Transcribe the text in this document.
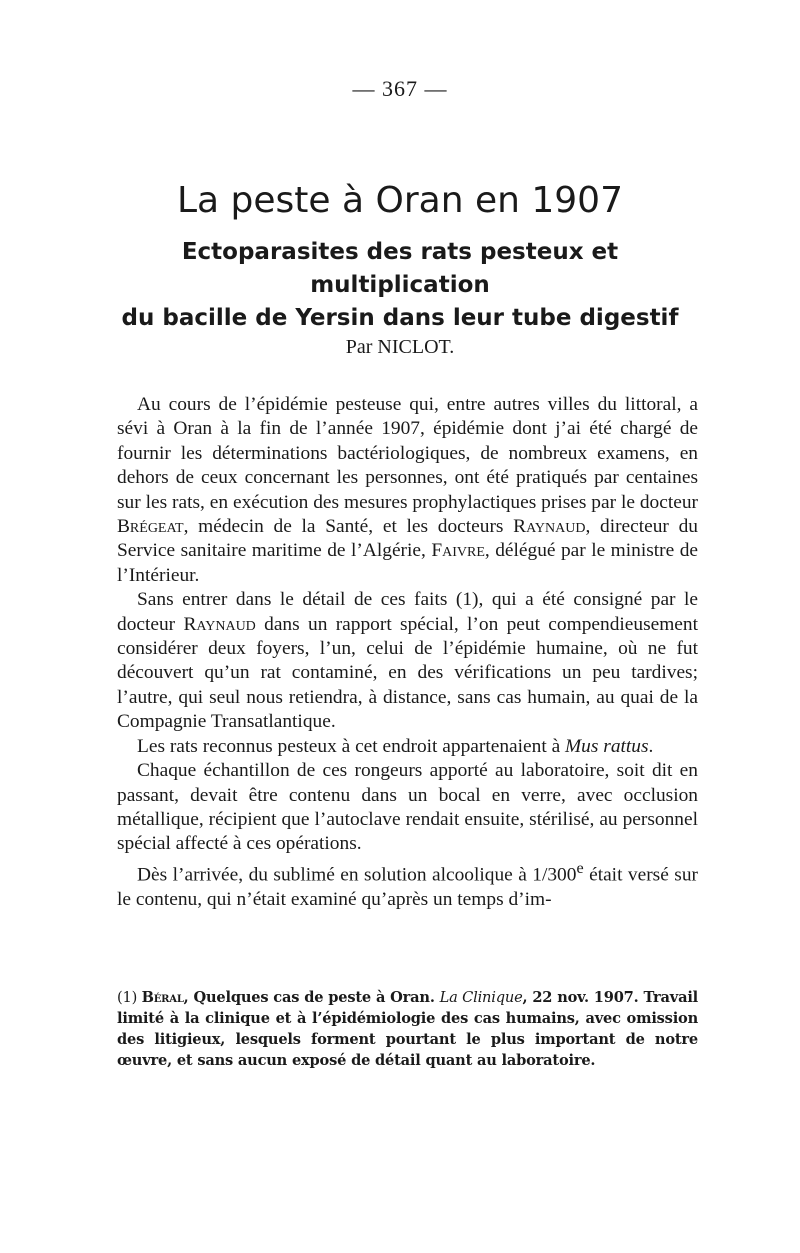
— 367 —
La peste à Oran en 1907
Ectoparasites des rats pesteux et multiplication
du bacille de Yersin dans leur tube digestif
Par NICLOT.

Au cours de l’épidémie pesteuse qui, entre autres villes du littoral, a sévi à Oran à la fin de l’année 1907, épidémie dont j’ai été chargé de fournir les déterminations bactériologiques, de nombreux examens, en dehors de ceux concernant les personnes, ont été pratiqués par centaines sur les rats, en exécution des mesures prophylactiques prises par le docteur Brégeat, médecin de la Santé, et les docteurs Raynaud, directeur du Service sanitaire maritime de l’Algérie, Faivre, délégué par le ministre de l’Intérieur.

Sans entrer dans le détail de ces faits (1), qui a été consigné par le docteur Raynaud dans un rapport spécial, l’on peut compendieusement considérer deux foyers, l’un, celui de l’épidémie humaine, où ne fut découvert qu’un rat contaminé, en des vérifications un peu tardives; l’autre, qui seul nous retiendra, à distance, sans cas humain, au quai de la Compagnie Transatlantique.

Les rats reconnus pesteux à cet endroit appartenaient à Mus rattus.

Chaque échantillon de ces rongeurs apporté au laboratoire, soit dit en passant, devait être contenu dans un bocal en verre, avec occlusion métallique, récipient que l’autoclave rendait ensuite, stérilisé, au personnel spécial affecté à ces opérations.

Dès l’arrivée, du sublimé en solution alcoolique à 1/300e était versé sur le contenu, qui n’était examiné qu’après un temps d’im-

(1) Béral, Quelques cas de peste à Oran. La Clinique, 22 nov. 1907. Travail limité à la clinique et à l’épidémiologie des cas humains, avec omission des litigieux, lesquels forment pourtant le plus important de notre œuvre, et sans aucun exposé de détail quant au laboratoire.
